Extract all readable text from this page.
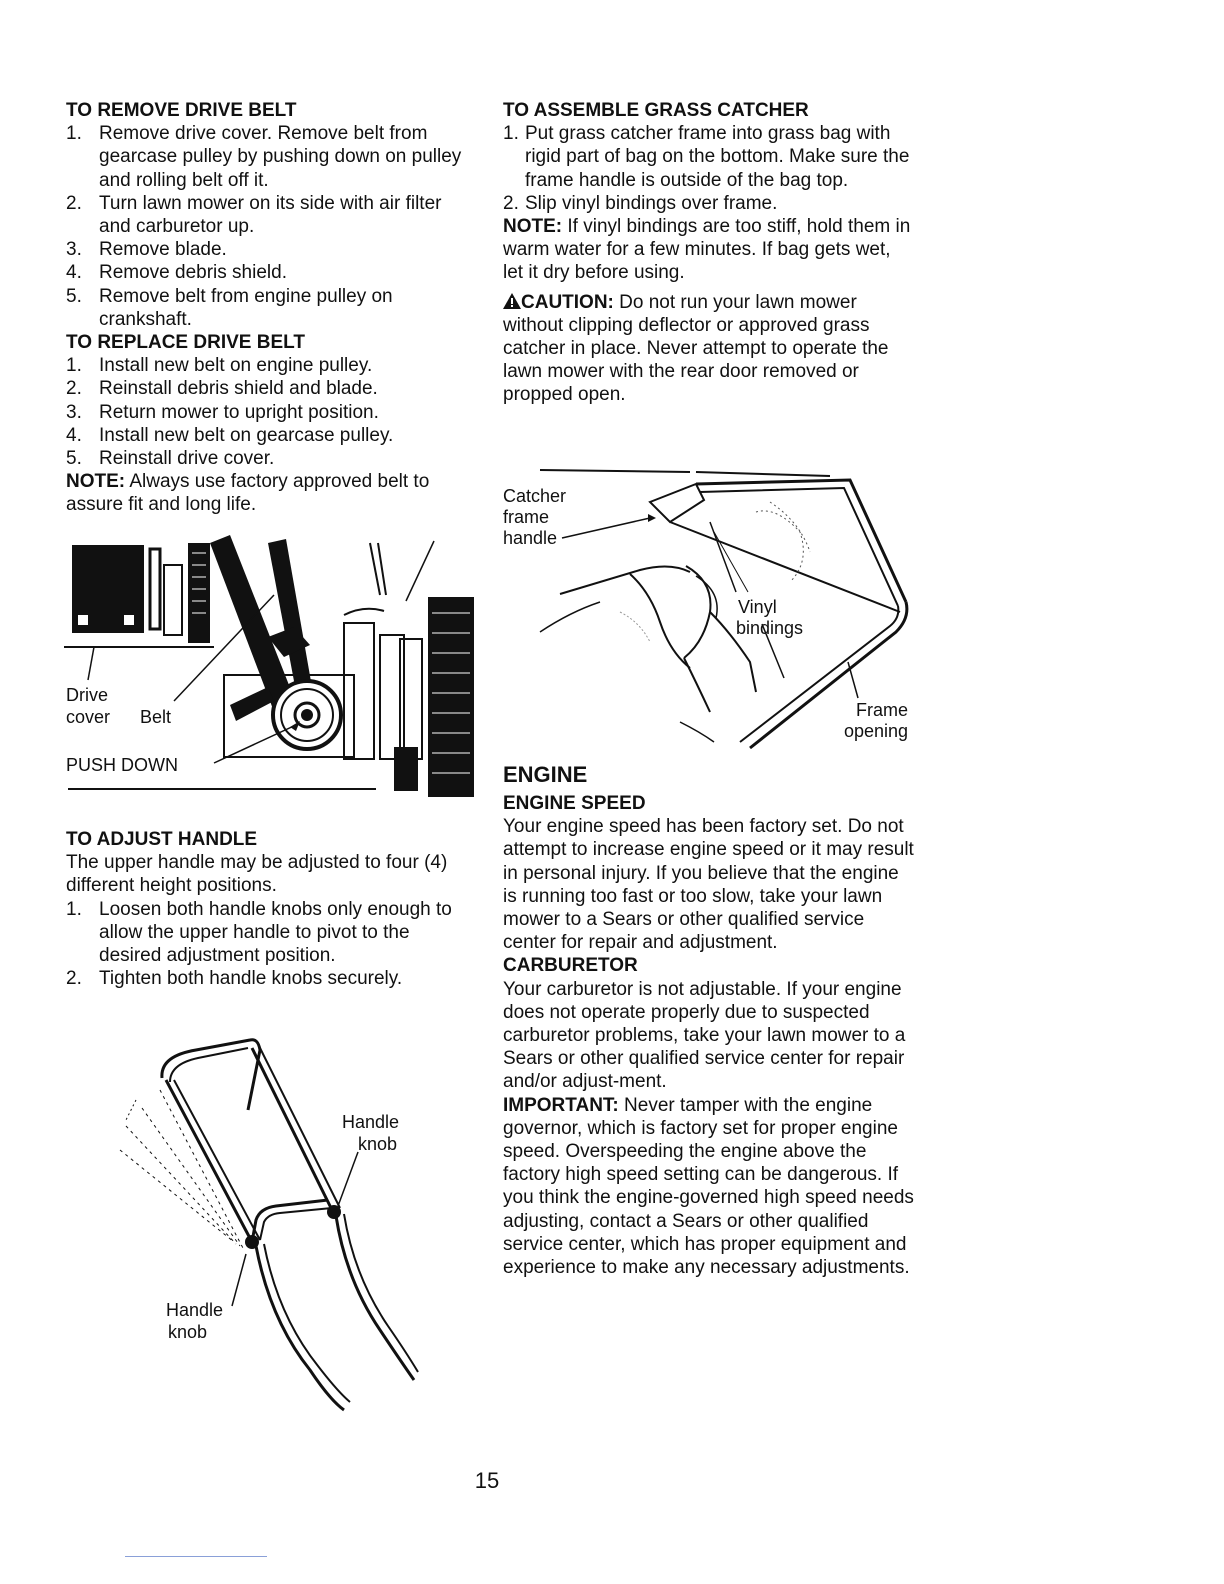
TO REMOVE DRIVE BELT
1. Remove drive cover. Remove belt from gearcase pulley by pushing down on pulley and rolling belt off it.
2. Turn lawn mower on its side with air filter and carburetor up.
3. Remove blade.
4. Remove debris shield.
5. Remove belt from engine pulley on crankshaft.
TO REPLACE DRIVE BELT
1. Install new belt on engine pulley.
2. Reinstall debris shield and blade.
3. Return mower to upright position.
4. Install new belt on gearcase pulley.
5. Reinstall drive cover.

NOTE: Always use factory approved belt to assure fit and long life.

Drive
cover Belt
PUSH DOWN
TO ADJUST HANDLE

The upper handle may be adjusted to four (4) different height positions.

1. Loosen both handle knobs only enough to allow the upper handle to pivot to the desired adjustment position.
2. Tighten both handle knobs securely.
Handle
knob
Handle
knob
TO ASSEMBLE GRASS CATCHER
1. Put grass catcher frame into grass bag with rigid part of bag on the bottom. Make sure the frame handle is outside of the bag top.
2. Slip vinyl bindings over frame.

NOTE: If vinyl bindings are too stiff, hold them in warm water for a few minutes. If bag gets wet, let it dry before using.

CAUTION: Do not run your lawn mower without clipping deflector or approved grass catcher in place. Never attempt to operate the lawn mower with the rear door removed or propped open.

Catcher
frame
handle
Vinyl
bindings
Frame
opening
ENGINE
ENGINE SPEED

Your engine speed has been factory set. Do not attempt to increase engine speed or it may result in personal injury. If you believe that the engine is running too fast or too slow, take your lawn mower to a Sears or other qualified service center for repair and adjustment.

CARBURETOR

Your carburetor is not adjustable. If your engine does not operate properly due to suspected carburetor problems, take your lawn mower to a Sears or other qualified service center for repair and/or adjust-ment.

IMPORTANT: Never tamper with the engine governor, which is factory set for proper engine speed. Overspeeding the engine above the factory high speed setting can be dangerous. If you think the engine-governed high speed needs adjusting, contact a Sears or other qualified service center, which has proper equipment and experience to make any necessary adjustments.

15
